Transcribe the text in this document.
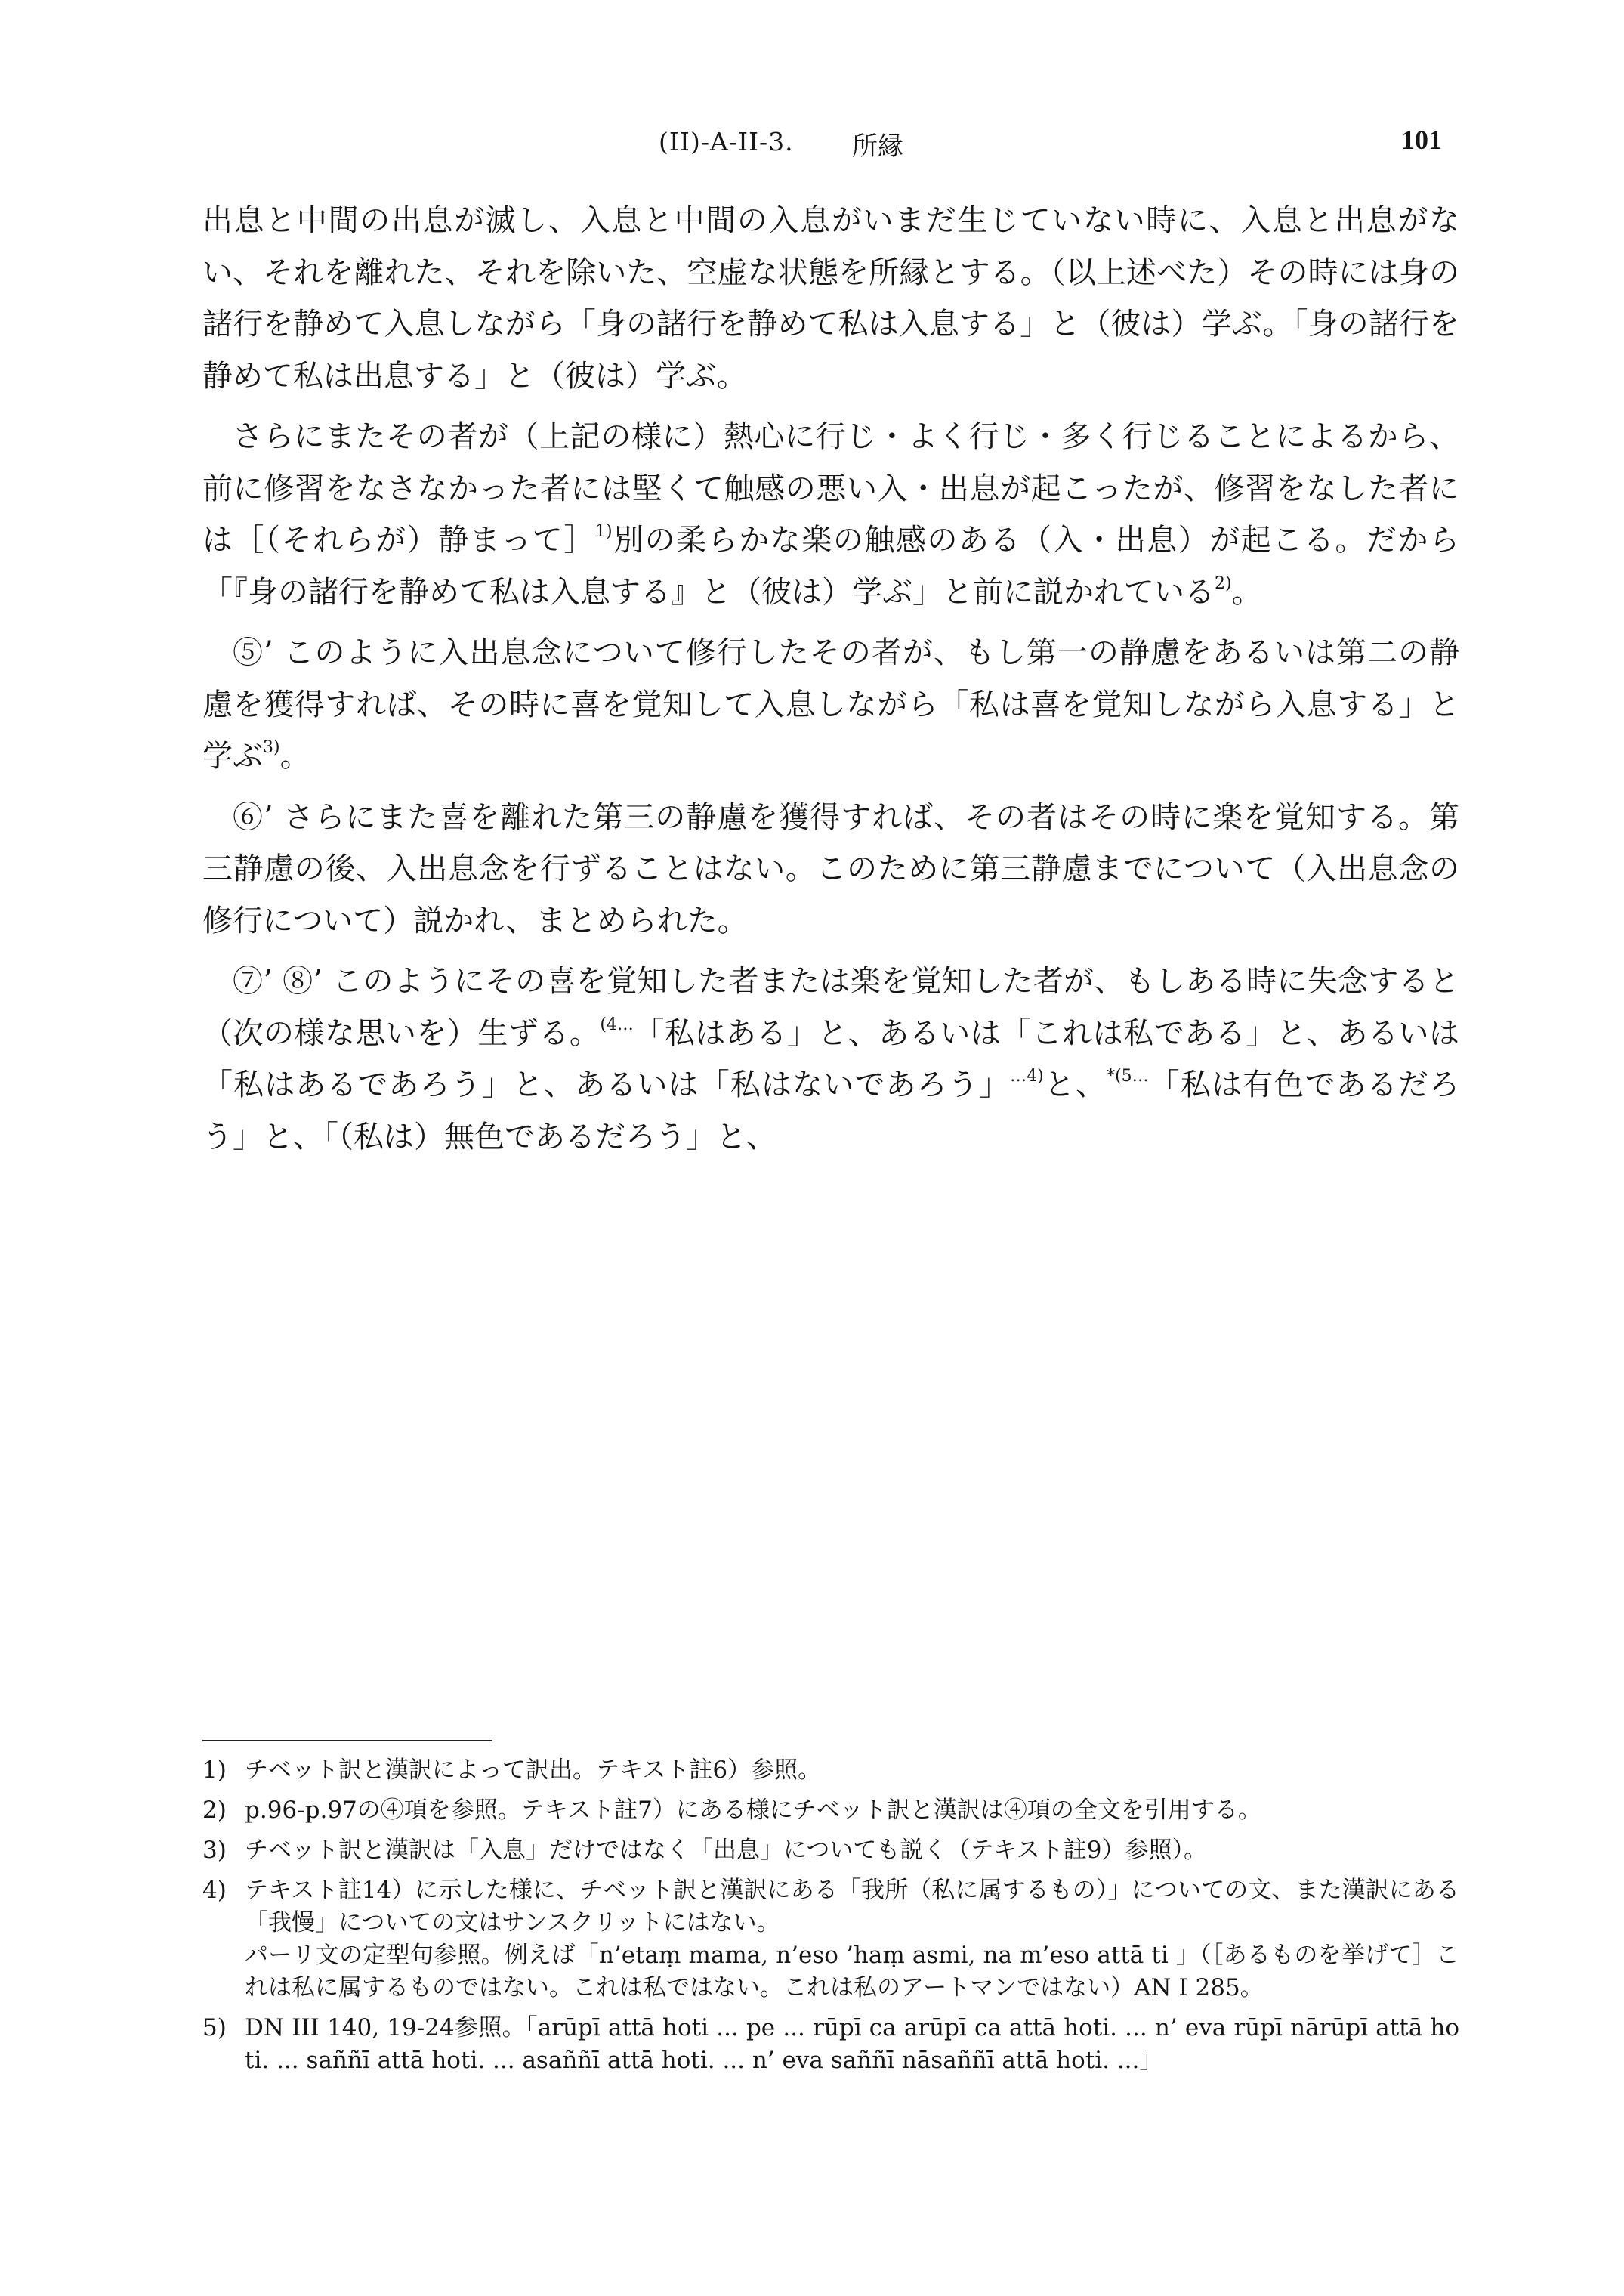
(II)-A-II-3. 所縁	101

出息と中間の出息が滅し、入息と中間の入息がいまだ生じていない時に、入息と出息がない、それを離れた、それを除いた、空虚な状態を所縁とする。（以上述べた）その時には身の諸行を静めて入息しながら「身の諸行を静めて私は入息する」と（彼は）学ぶ。「身の諸行を静めて私は出息する」と（彼は）学ぶ。

さらにまたその者が（上記の様に）熱心に行じ・よく行じ・多く行じることによるから、前に修習をなさなかった者には堅くて触感の悪い入・出息が起こったが、修習をなした者には［（それらが）静まって］$^{1)}$別の柔らかな楽の触感のある（入・出息）が起こる。だから「『身の諸行を静めて私は入息する』と（彼は）学ぶ」と前に説かれている$^{2)}$。

⑤’ このように入出息念について修行したその者が、もし第一の静慮をあるいは第二の静慮を獲得すれば、その時に喜を覚知して入息しながら「私は喜を覚知しながら入息する」と学ぶ$^{3)}$。

⑥’ さらにまた喜を離れた第三の静慮を獲得すれば、その者はその時に楽を覚知する。第三静慮の後、入出息念を行ずることはない。このために第三静慮までについて（入出息念の修行について）説かれ、まとめられた。

⑦’ ⑧’ このようにその喜を覚知した者または楽を覚知した者が、もしある時に失念すると（次の様な思いを）生ずる。$^{(4\dots}$「私はある」と、あるいは「これは私である」と、あるいは「私はあるであろう」と、あるいは「私はないであろう」$^{\dots 4)}$と、$^{*(5\dots}$「私は有色であるだろう」と、「（私は）無色であるだろう」と、

1) チベット訳と漢訳によって訳出。テキスト註6）参照。

2) p.96-p.97の④項を参照。テキスト註7）にある様にチベット訳と漢訳は④項の全文を引用する。

3) チベット訳と漢訳は「入息」だけではなく「出息」についても説く（テキスト註9）参照）。

4) テキスト註14）に示した様に、チベット訳と漢訳にある「我所（私に属するもの）」についての文、また漢訳にある「我慢」についての文はサンスクリットにはない。

パーリ文の定型句参照。例えば「n’etaṃ mama, n’eso ’haṃ asmi, na m’eso attā ti 」（［あるものを挙げて］これは私に属するものではない。これは私ではない。これは私のアートマンではない）AN I 285。

5) DN III 140, 19-24参照。「arūpī attā hoti ... pe ... rūpī ca arūpī ca attā hoti. ... n’ eva rūpī nārūpī attā hoti. ... saññī attā hoti. ... asaññī attā hoti. ... n’ eva saññī nāsaññī attā hoti. ...」
